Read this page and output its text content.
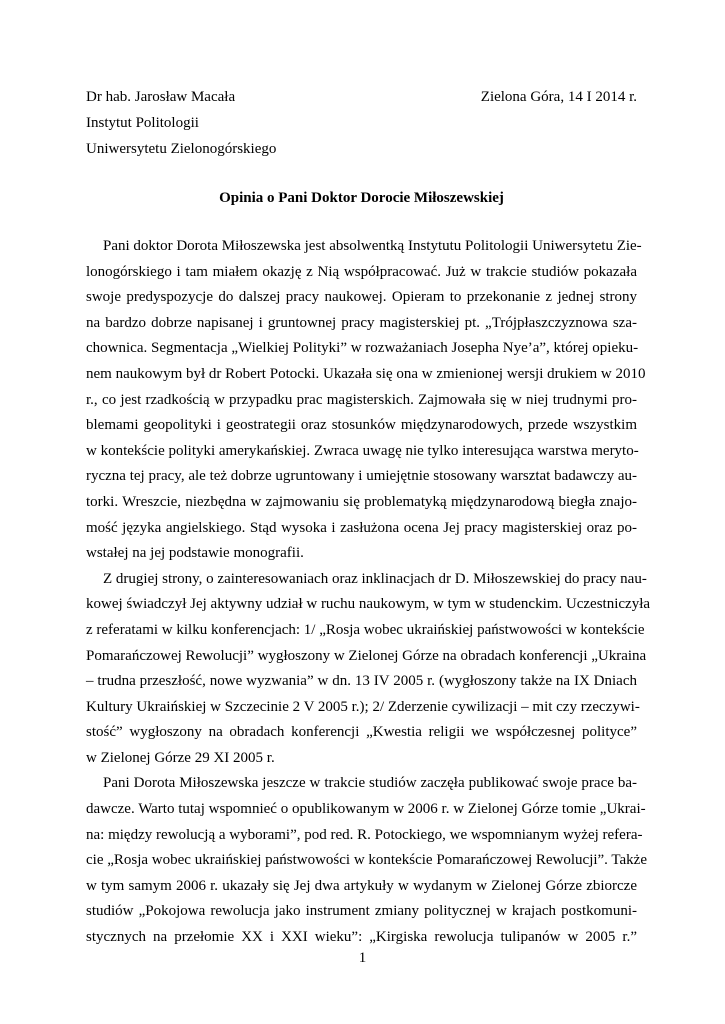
Dr hab. Jarosław Macała
Instytut Politologii
Uniwersytetu Zielonogórskiego
Zielona Góra, 14 I 2014 r.
Opinia o Pani Doktor Dorocie Miłoszewskiej
Pani doktor Dorota Miłoszewska jest absolwentką Instytutu Politologii Uniwersytetu Zie-
lonogórskiego i tam miałem okazję z Nią współpracować. Już w trakcie studiów pokazała
swoje predyspozycje do dalszej pracy naukowej. Opieram to przekonanie z jednej strony
na bardzo dobrze napisanej i gruntownej pracy magisterskiej pt. „Trójpłaszczyznowa sza-
chownica. Segmentacja „Wielkiej Polityki” w rozważaniach Josepha Nye’a”, której opieku-
nem naukowym był dr Robert Potocki. Ukazała się ona w zmienionej wersji drukiem w 2010
r., co jest rzadkością w przypadku prac magisterskich. Zajmowała się w niej trudnymi pro-
blemami geopolityki i geostrategii oraz stosunków międzynarodowych, przede wszystkim
w kontekście polityki amerykańskiej. Zwraca uwagę nie tylko interesująca warstwa meryto-
ryczna tej pracy, ale też dobrze ugruntowany i umiejętnie stosowany warsztat badawczy au-
torki. Wreszcie, niezbędna w zajmowaniu się problematyką międzynarodową biegła znajo-
mość języka angielskiego. Stąd wysoka i zasłużona ocena Jej pracy magisterskiej oraz po-
wstałej na jej podstawie monografii.
Z drugiej strony, o zainteresowaniach oraz inklinacjach dr D. Miłoszewskiej do pracy nau-
kowej świadczył Jej aktywny udział w ruchu naukowym, w tym w studenckim. Uczestniczyła
z referatami w kilku konferencjach: 1/ „Rosja wobec ukraińskiej państwowości w kontekście
Pomarańczowej Rewolucji” wygłoszony w Zielonej Górze na obradach konferencji „Ukraina
– trudna przeszłość, nowe wyzwania” w dn. 13 IV 2005 r. (wygłoszony także na IX Dniach
Kultury Ukraińskiej w Szczecinie 2 V 2005 r.); 2/ Zderzenie cywilizacji – mit czy rzeczywi-
stość” wygłoszony na obradach konferencji „Kwestia religii we współczesnej polityce”
w Zielonej Górze 29 XI 2005 r.
Pani Dorota Miłoszewska jeszcze w trakcie studiów zaczęła publikować swoje prace ba-
dawcze. Warto tutaj wspomnieć o opublikowanym w 2006 r. w Zielonej Górze tomie „Ukrai-
na: między rewolucją a wyborami”, pod red. R. Potockiego, we wspomnianym wyżej refera-
cie „Rosja wobec ukraińskiej państwowości w kontekście Pomarańczowej Rewolucji”. Także
w tym samym 2006 r. ukazały się Jej dwa artykuły w wydanym w Zielonej Górze zbiorcze
studiów „Pokojowa rewolucja jako instrument zmiany politycznej w krajach postkomuni-
stycznych na przełomie XX i XXI wieku”: „Kirgiska rewolucja tulipanów w 2005 r.”
1
